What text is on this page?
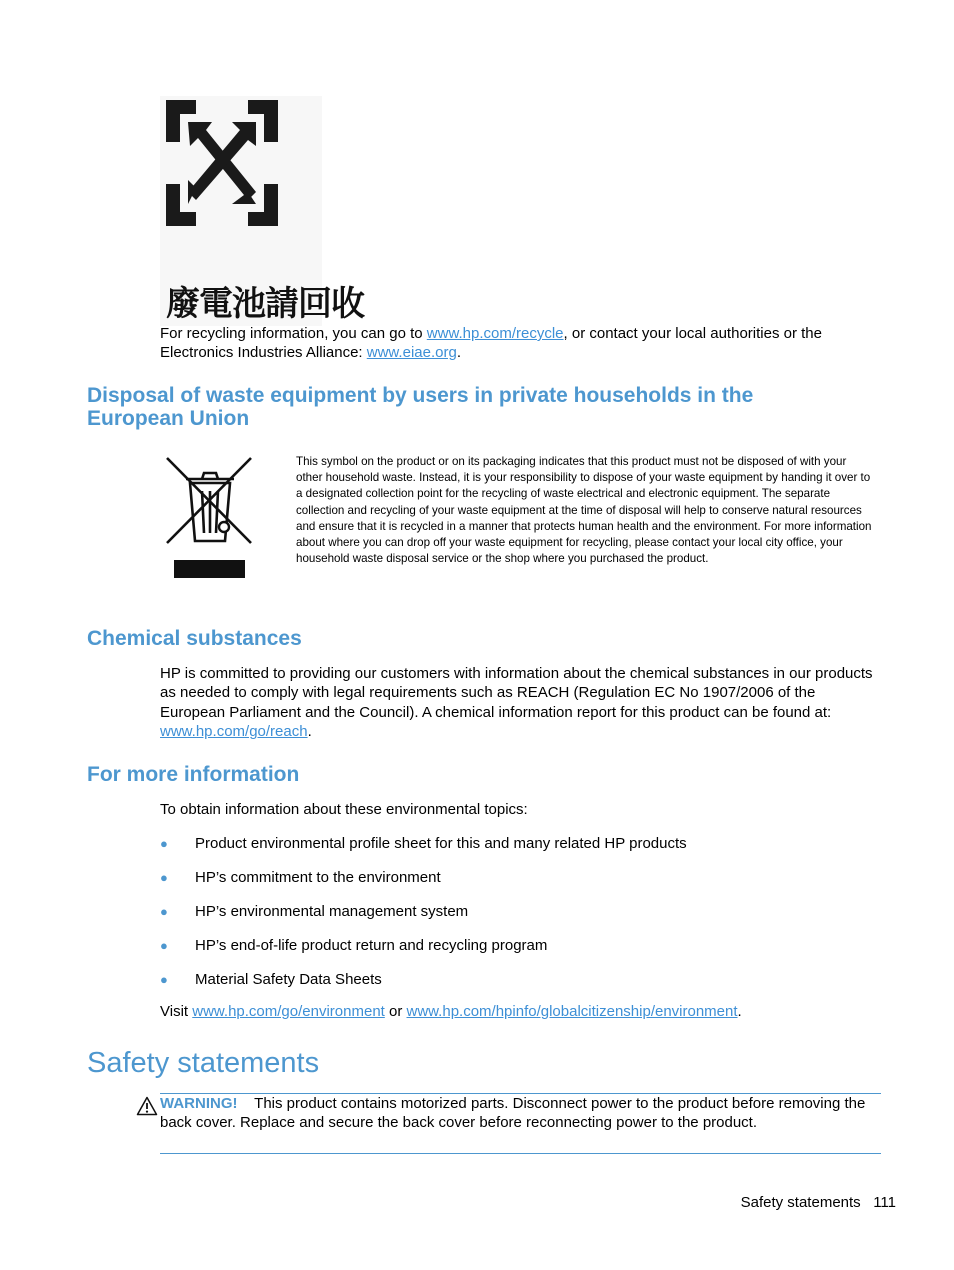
廢電池請回收
For recycling information, you can go to www.hp.com/recycle, or contact your local authorities or the Electronics Industries Alliance: www.eiae.org.
Disposal of waste equipment by users in private households in the European Union
This symbol on the product or on its packaging indicates that this product must not be disposed of with your other household waste. Instead, it is your responsibility to dispose of your waste equipment by handing it over to a designated collection point for the recycling of waste electrical and electronic equipment. The separate collection and recycling of your waste equipment at the time of disposal will help to conserve natural resources and ensure that it is recycled in a manner that protects human health and the environment. For more information about where you can drop off your waste equipment for recycling, please contact your local city office, your household waste disposal service or the shop where you purchased the product.
Chemical substances
HP is committed to providing our customers with information about the chemical substances in our products as needed to comply with legal requirements such as REACH (Regulation EC No 1907/2006 of the European Parliament and the Council). A chemical information report for this product can be found at: www.hp.com/go/reach.
For more information
To obtain information about these environmental topics:
● Product environmental profile sheet for this and many related HP products
● HP’s commitment to the environment
● HP’s environmental management system
● HP’s end-of-life product return and recycling program
● Material Safety Data Sheets
Visit www.hp.com/go/environment or www.hp.com/hpinfo/globalcitizenship/environment.
Safety statements
WARNING! This product contains motorized parts. Disconnect power to the product before removing the back cover. Replace and secure the back cover before reconnecting power to the product.
Safety statements 111
